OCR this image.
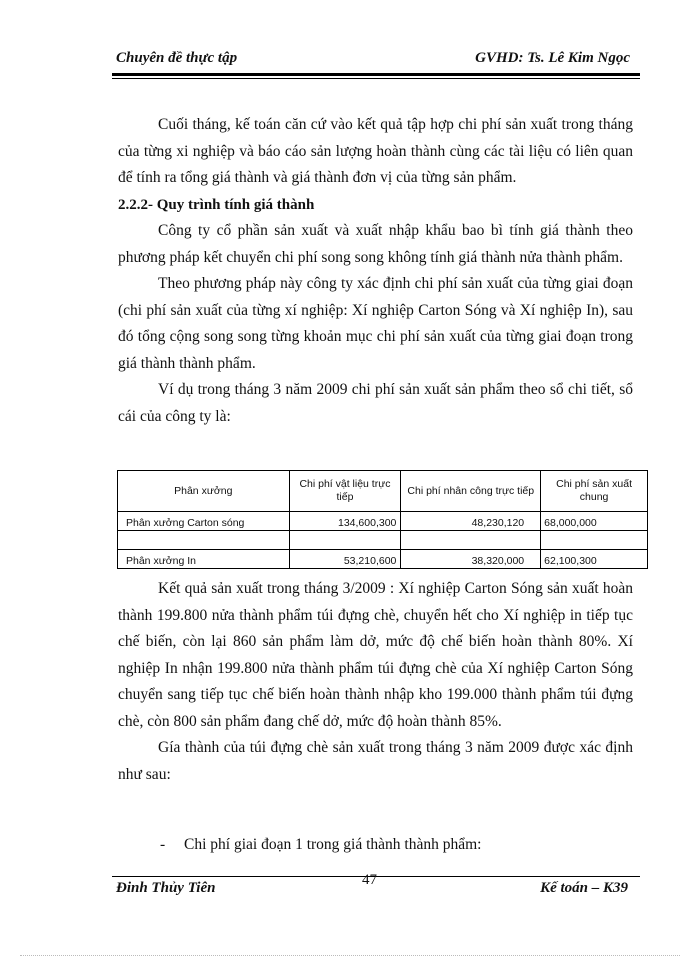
Chuyên đề thực tập	GVHD: Ts. Lê Kim Ngọc

Cuối tháng, kế toán căn cứ vào kết quả tập hợp chi phí sản xuất trong tháng của từng xi nghiệp và báo cáo sản lượng hoàn thành cùng các tài liệu có liên quan để tính ra tổng giá thành và giá thành đơn vị của từng sản phẩm.

2.2.2- Quy trình tính giá thành

Công ty cổ phần sản xuất và xuất nhập khẩu bao bì tính giá thành theo phương pháp kết chuyển chi phí song song không tính giá thành nửa thành phẩm.

Theo phương pháp này công ty xác định chi phí sản xuất của từng giai đoạn (chi phí sản xuất của từng xí nghiệp: Xí nghiệp Carton Sóng và Xí nghiệp In), sau đó tổng cộng song song từng khoản mục chi phí sản xuất của từng giai đoạn trong giá thành thành phẩm.

Ví dụ trong tháng 3 năm 2009 chi phí sản xuất sản phẩm theo sổ chi tiết, sổ cái của công ty là:

Phân xưởng	Chi phí vật liệu trực tiếp	Chi phí nhân công trực tiếp	Chi phí sản xuất chung
Phân xưởng Carton sóng	134,600,300	48,230,120	68,000,000

Phân xưởng In	53,210,600	38,320,000	62,100,300

Kết quả sản xuất trong tháng 3/2009 : Xí nghiệp Carton Sóng sản xuất hoàn thành 199.800 nửa thành phẩm túi đựng chè, chuyển hết cho Xí nghiệp in tiếp tục chế biến, còn lại 860 sản phẩm làm dở, mức độ chế biến hoàn thành 80%. Xí nghiệp In nhận 199.800 nửa thành phẩm túi đựng chè của Xí nghiệp Carton Sóng chuyển sang tiếp tục chế biến hoàn thành nhập kho 199.000 thành phẩm túi đựng chè, còn 800 sản phẩm đang chế dở, mức độ hoàn thành 85%.

Gía thành của túi đựng chè sản xuất trong tháng 3 năm 2009 được xác định như sau:

- Chi phí giai đoạn 1 trong giá thành thành phẩm:
47
Đinh Thủy Tiên	Kế toán – K39
